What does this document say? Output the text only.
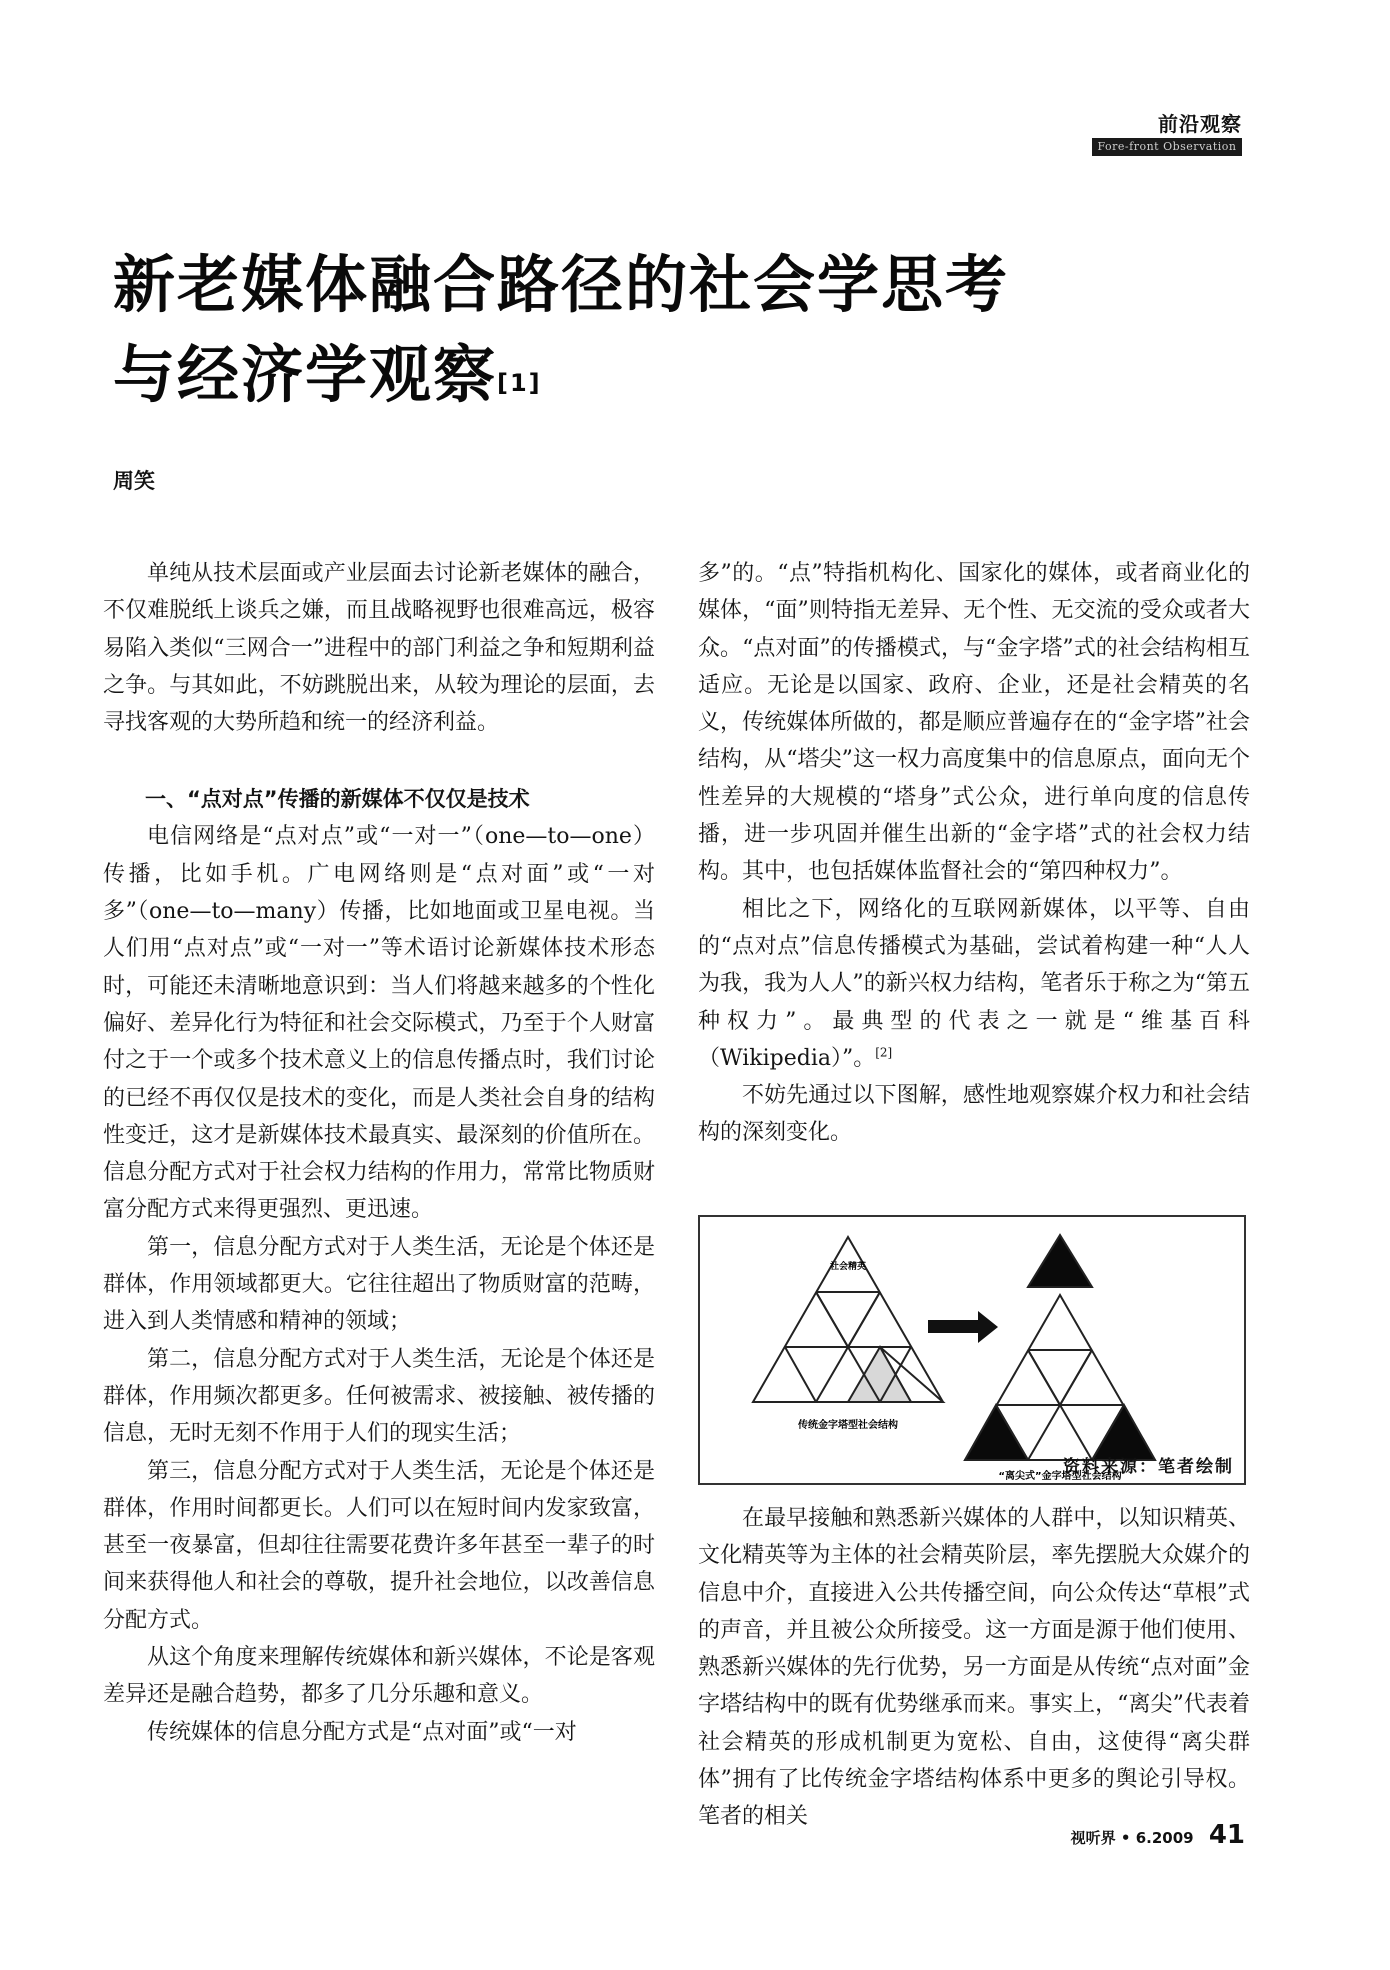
前沿观察
Fore-front Observation
新老媒体融合路径的社会学思考
与经济学观察[1]
周笑

单纯从技术层面或产业层面去讨论新老媒体的融合，不仅难脱纸上谈兵之嫌，而且战略视野也很难高远，极容易陷入类似“三网合一”进程中的部门利益之争和短期利益之争。与其如此，不妨跳脱出来，从较为理论的层面，去寻找客观的大势所趋和统一的经济利益。

一、“点对点”传播的新媒体不仅仅是技术

电信网络是“点对点”或“一对一”（one—to—one）传播，比如手机。广电网络则是“点对面”或“一对多”（one—to—many）传播，比如地面或卫星电视。当人们用“点对点”或“一对一”等术语讨论新媒体技术形态时，可能还未清晰地意识到：当人们将越来越多的个性化偏好、差异化行为特征和社会交际模式，乃至于个人财富付之于一个或多个技术意义上的信息传播点时，我们讨论的已经不再仅仅是技术的变化，而是人类社会自身的结构性变迁，这才是新媒体技术最真实、最深刻的价值所在。信息分配方式对于社会权力结构的作用力，常常比物质财富分配方式来得更强烈、更迅速。

第一，信息分配方式对于人类生活，无论是个体还是群体，作用领域都更大。它往往超出了物质财富的范畴，进入到人类情感和精神的领域；

第二，信息分配方式对于人类生活，无论是个体还是群体，作用频次都更多。任何被需求、被接触、被传播的信息，无时无刻不作用于人们的现实生活；

第三，信息分配方式对于人类生活，无论是个体还是群体，作用时间都更长。人们可以在短时间内发家致富，甚至一夜暴富，但却往往需要花费许多年甚至一辈子的时间来获得他人和社会的尊敬，提升社会地位，以改善信息分配方式。

从这个角度来理解传统媒体和新兴媒体，不论是客观差异还是融合趋势，都多了几分乐趣和意义。

传统媒体的信息分配方式是“点对面”或“一对

多”的。“点”特指机构化、国家化的媒体，或者商业化的媒体，“面”则特指无差异、无个性、无交流的受众或者大众。“点对面”的传播模式，与“金字塔”式的社会结构相互适应。无论是以国家、政府、企业，还是社会精英的名义，传统媒体所做的，都是顺应普遍存在的“金字塔”社会结构，从“塔尖”这一权力高度集中的信息原点，面向无个性差异的大规模的“塔身”式公众，进行单向度的信息传播，进一步巩固并催生出新的“金字塔”式的社会权力结构。其中，也包括媒体监督社会的“第四种权力”。

相比之下，网络化的互联网新媒体，以平等、自由的“点对点”信息传播模式为基础，尝试着构建一种“人人为我，我为人人”的新兴权力结构，笔者乐于称之为“第五种权力”。最典型的代表之一就是“维基百科（Wikipedia）”。[2]

不妨先通过以下图解，感性地观察媒介权力和社会结构的深刻变化。

社会精英
传统金字塔型社会结构
“离尖式”金字塔型社会结构
资料来源：笔者绘制

在最早接触和熟悉新兴媒体的人群中，以知识精英、文化精英等为主体的社会精英阶层，率先摆脱大众媒介的信息中介，直接进入公共传播空间，向公众传达“草根”式的声音，并且被公众所接受。这一方面是源于他们使用、熟悉新兴媒体的先行优势，另一方面是从传统“点对面”金字塔结构中的既有优势继承而来。事实上，“离尖”代表着社会精英的形成机制更为宽松、自由，这使得“离尖群体”拥有了比传统金字塔结构体系中更多的舆论引导权。笔者的相关

视听界 • 6.2009 41
